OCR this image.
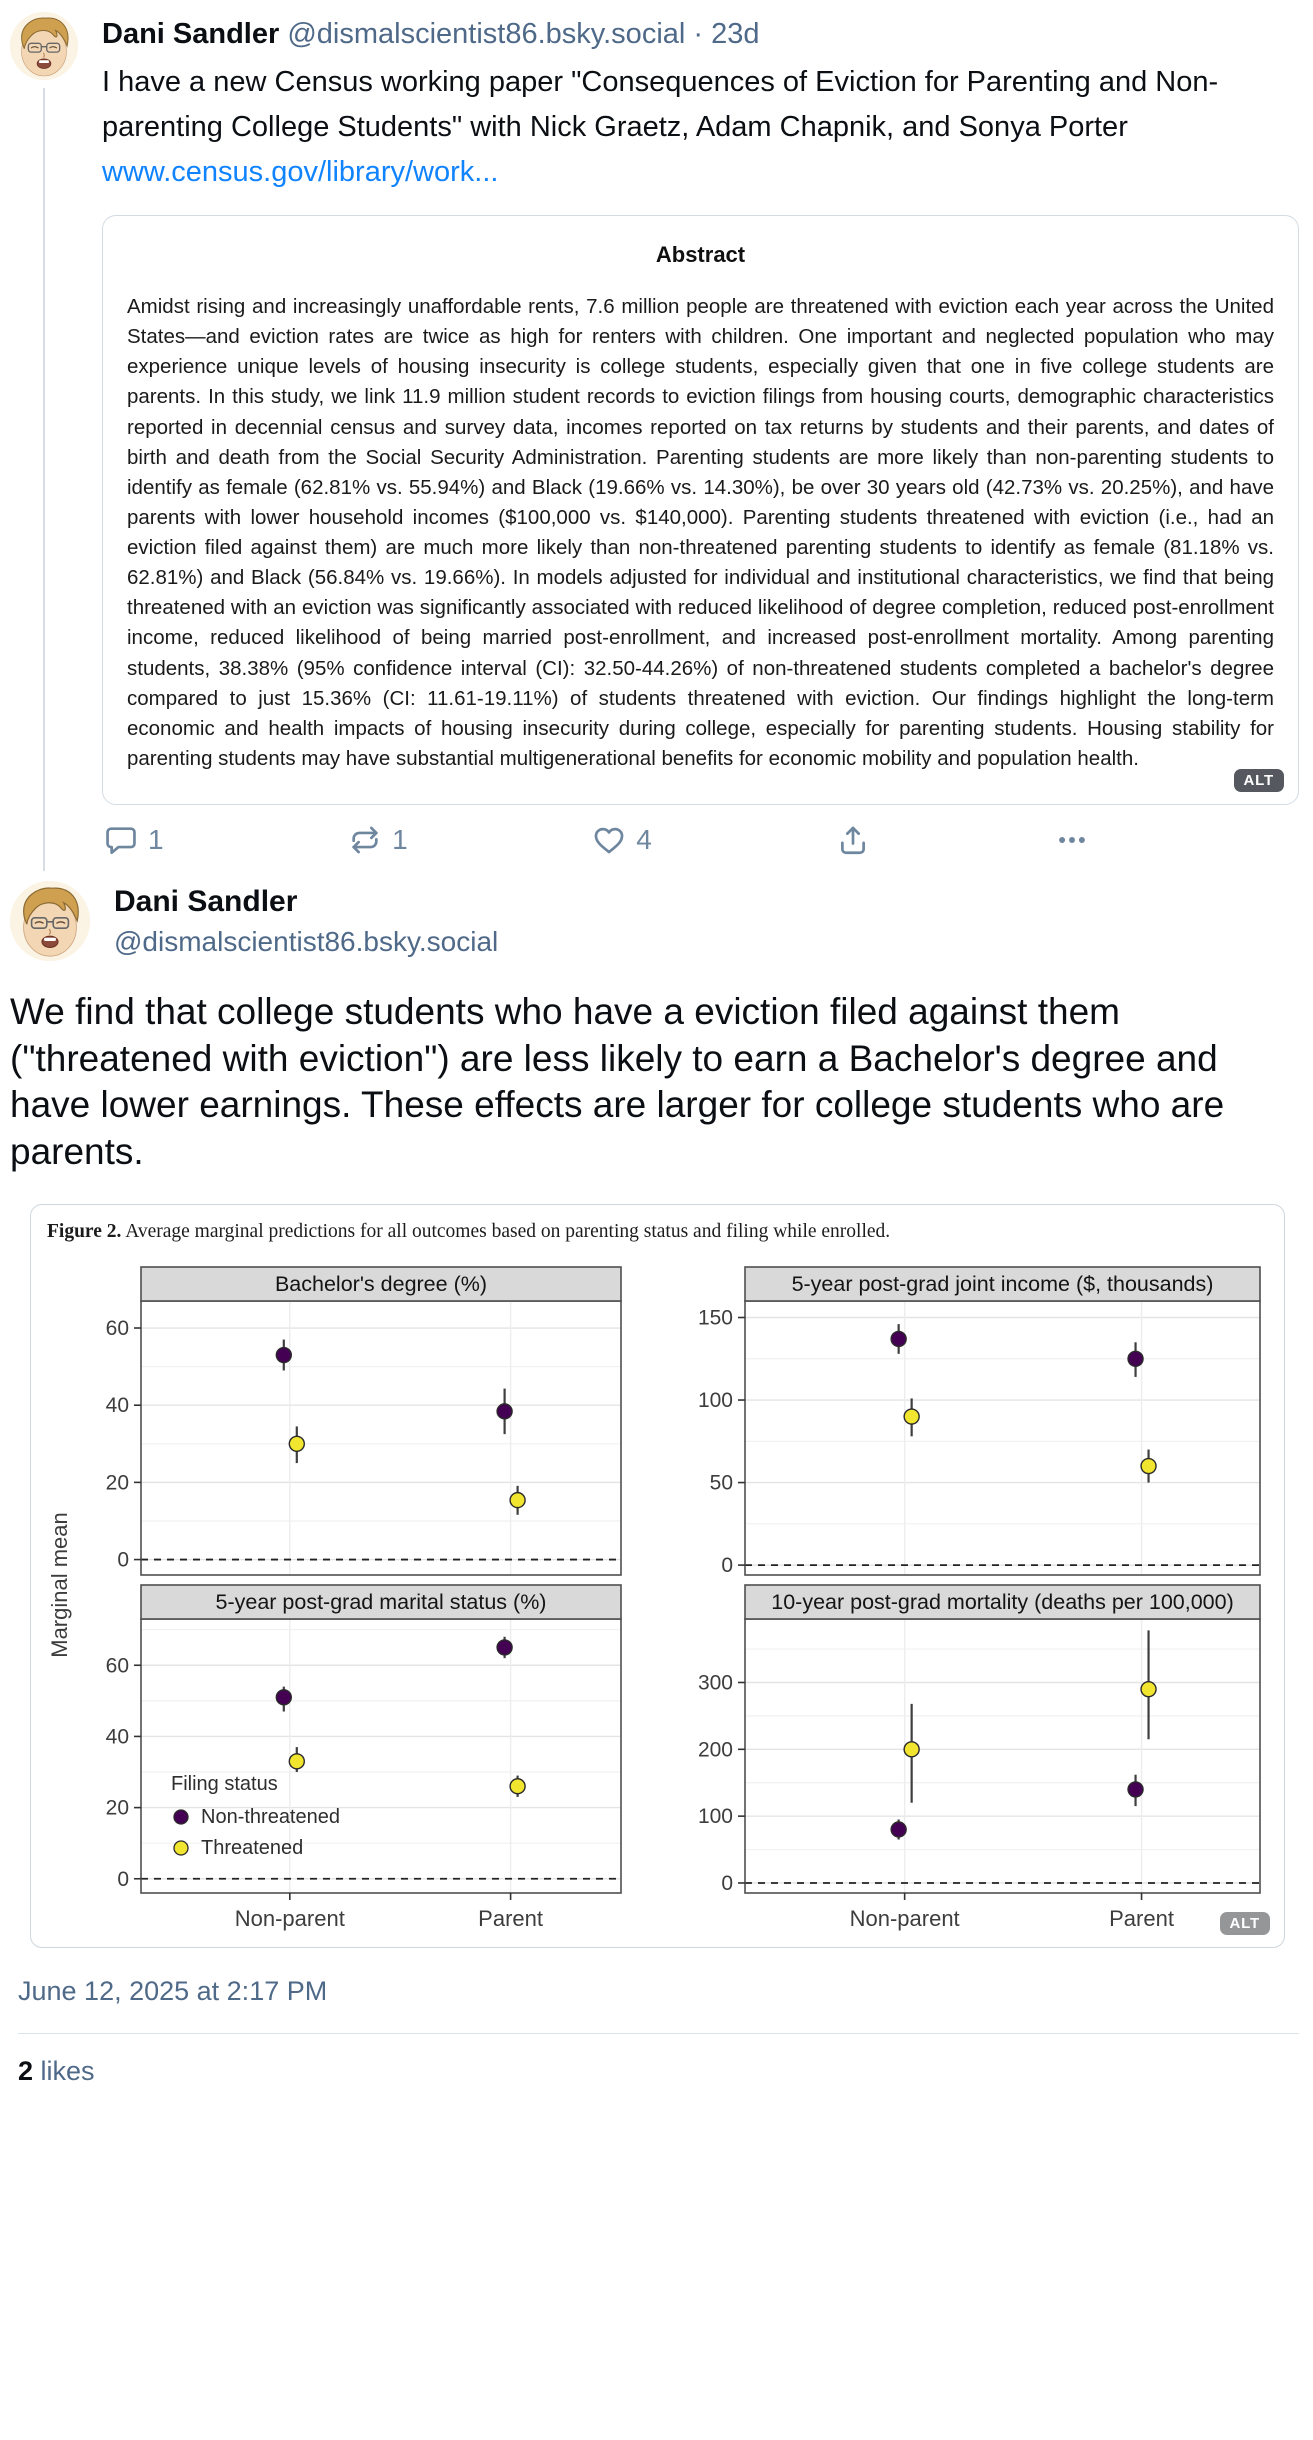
Dani Sandler @dismalscientist86.bsky.social · 23d
I have a new Census working paper "Consequences of Eviction for Parenting and Non-parenting College Students" with Nick Graetz, Adam Chapnik, and Sonya Porter www.census.gov/library/work...
Abstract

Amidst rising and increasingly unaffordable rents, 7.6 million people are threatened with eviction each year across the United States—and eviction rates are twice as high for renters with children. One important and neglected population who may experience unique levels of housing insecurity is college students, especially given that one in five college students are parents. In this study, we link 11.9 million student records to eviction filings from housing courts, demographic characteristics reported in decennial census and survey data, incomes reported on tax returns by students and their parents, and dates of birth and death from the Social Security Administration. Parenting students are more likely than non-parenting students to identify as female (62.81% vs. 55.94%) and Black (19.66% vs. 14.30%), be over 30 years old (42.73% vs. 20.25%), and have parents with lower household incomes ($100,000 vs. $140,000). Parenting students threatened with eviction (i.e., had an eviction filed against them) are much more likely than non-threatened parenting students to identify as female (81.18% vs. 62.81%) and Black (56.84% vs. 19.66%). In models adjusted for individual and institutional characteristics, we find that being threatened with an eviction was significantly associated with reduced likelihood of degree completion, reduced post-enrollment income, reduced likelihood of being married post-enrollment, and increased post-enrollment mortality. Among parenting students, 38.38% (95% confidence interval (CI): 32.50-44.26%) of non-threatened students completed a bachelor's degree compared to just 15.36% (CI: 11.61-19.11%) of students threatened with eviction. Our findings highlight the long-term economic and health impacts of housing insecurity during college, especially for parenting students. Housing stability for parenting students may have substantial multigenerational benefits for economic mobility and population health.

ALT
1	1	4
Dani Sandler
@dismalscientist86.bsky.social
We find that college students who have a eviction filed against them ("threatened with eviction") are less likely to earn a Bachelor's degree and have lower earnings. These effects are larger for college students who are parents.
Figure 2. Average marginal predictions for all outcomes based on parenting status and filing while enrolled.
Bachelor's degree (%)
0
20
40
60
5-year post-grad joint income ($, thousands)
0
50
100
150
5-year post-grad marital status (%)
0
20
40
60
Non-parent	Parent
Filing status
Non-threatened
Threatened
10-year post-grad mortality (deaths per 100,000)
0
100
200
300
Non-parent	Parent
Marginal mean
ALT
June 12, 2025 at 2:17 PM
2 likes
